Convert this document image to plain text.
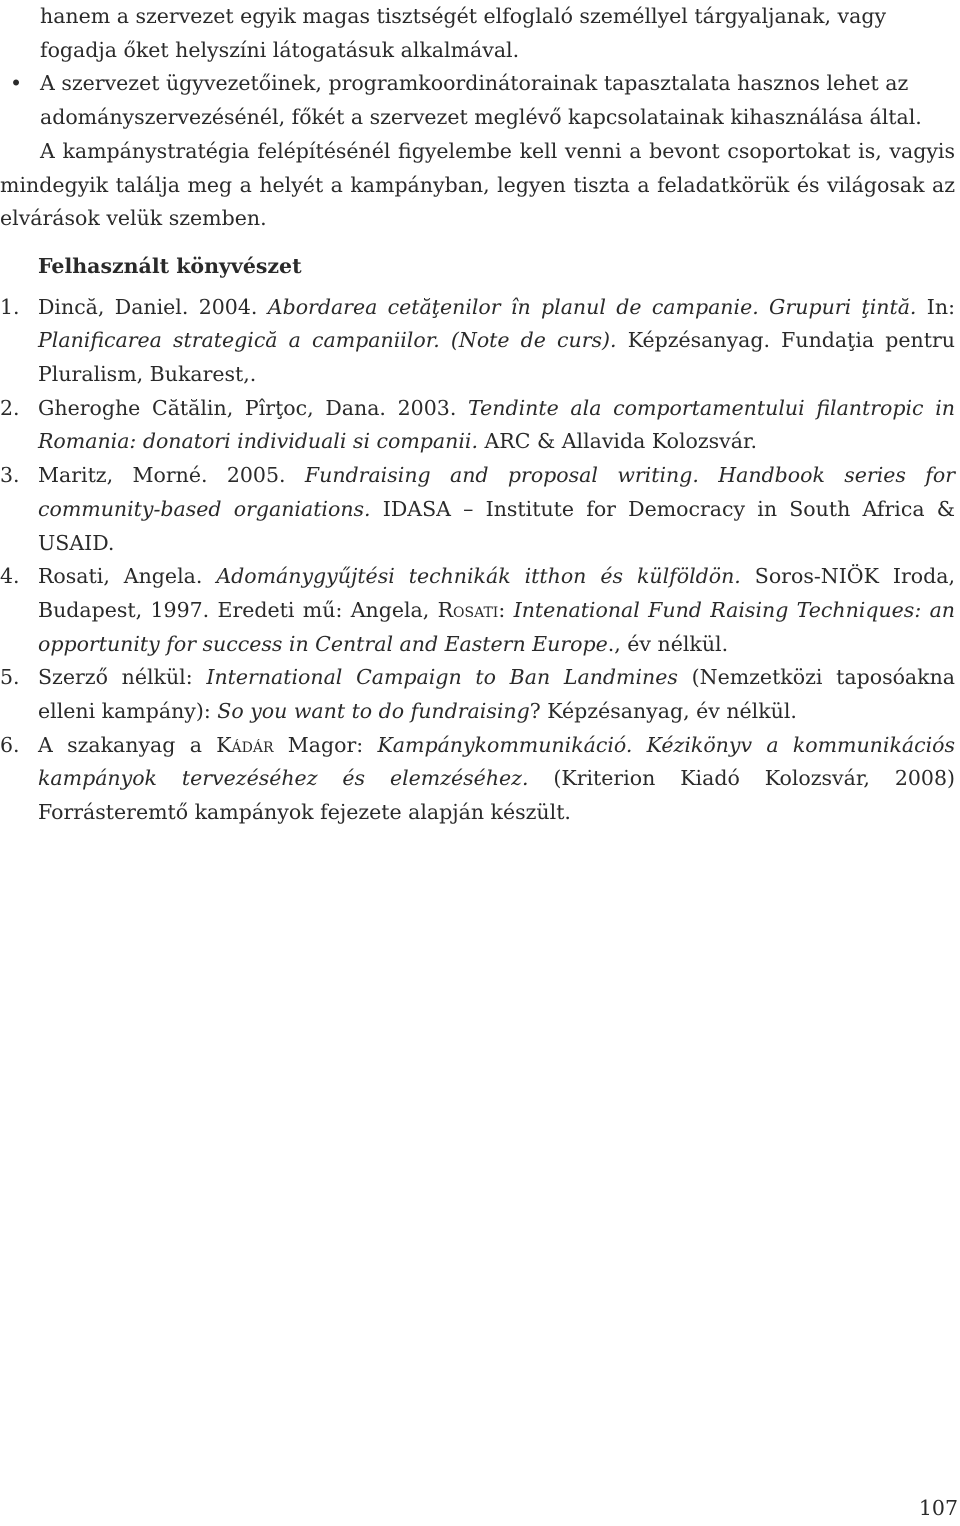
hanem a szervezet egyik magas tisztségét elfoglaló személlyel tárgyaljanak, vagy fogadja őket helyszíni látogatásuk alkalmával.

• A szervezet ügyvezetőinek, programkoordinátorainak tapasztalata hasznos lehet az adományszervezésénél, főkét a szervezet meglévő kapcsolatainak kihasználása által.

A kampánystratégia felépítésénél figyelembe kell venni a bevont csoportokat is, vagyis mindegyik találja meg a helyét a kampányban, legyen tiszta a feladatkörük és világosak az elvárások velük szemben.

Felhasznált könyvészet
1. Dincă, Daniel. 2004. Abordarea cetăţenilor în planul de campanie. Grupuri ţintă. In: Planificarea strategică a campaniilor. (Note de curs). Képzésanyag. Fundaţia pentru Pluralism, Bukarest,.
2. Gheroghe Cătălin, Pîrţoc, Dana. 2003. Tendinte ala comportamentului filantropic in Romania: donatori individuali si companii. ARC & Allavida Kolozsvár.
3. Maritz, Morné. 2005. Fundraising and proposal writing. Handbook series for community-based organiations. IDASA – Institute for Democracy in South Africa & USAID.
4. Rosati, Angela. Adománygyűjtési technikák itthon és külföldön. Soros-NIÖK Iroda, Budapest, 1997. Eredeti mű: Angela, Rosati: Intenational Fund Raising Techniques: an opportunity for success in Central and Eastern Europe., év nélkül.
5. Szerző nélkül: International Campaign to Ban Landmines (Nemzetközi taposóakna elleni kampány): So you want to do fundraising? Képzésanyag, év nélkül.
6. A szakanyag a Kádár Magor: Kampánykommunikáció. Kézikönyv a kommunikációs kampányok tervezéséhez és elemzéséhez. (Kriterion Kiadó Kolozsvár, 2008) Forrásteremtő kampányok fejezete alapján készült.
107
